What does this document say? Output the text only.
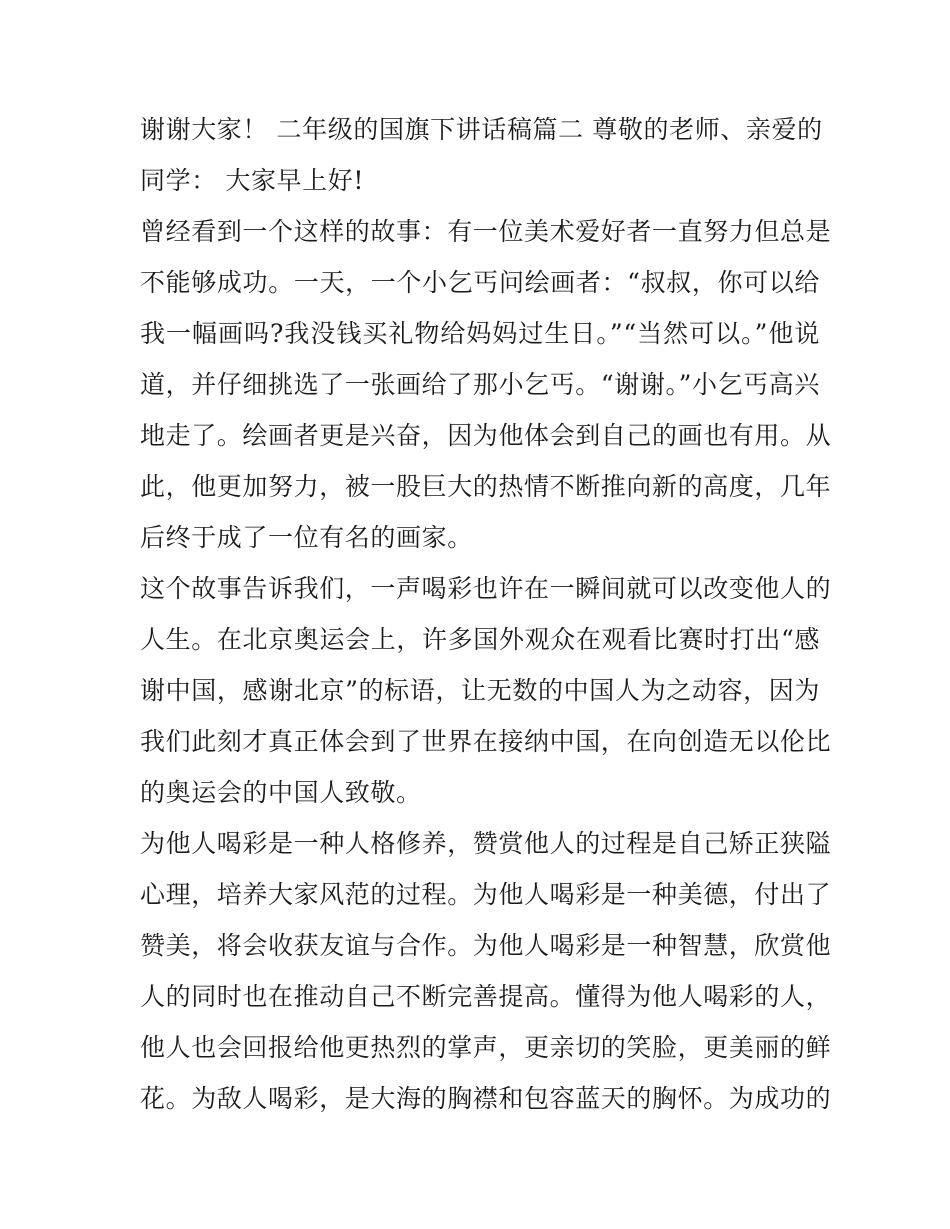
谢谢大家！ 二年级的国旗下讲话稿篇二 尊敬的老师、亲爱的
同学： 大家早上好!
曾经看到一个这样的故事：有一位美术爱好者一直努力但总是
不能够成功。一天，一个小乞丐问绘画者：“叔叔，你可以给
我一幅画吗?我没钱买礼物给妈妈过生日。”“当然可以。”他说
道，并仔细挑选了一张画给了那小乞丐。“谢谢。”小乞丐高兴
地走了。绘画者更是兴奋，因为他体会到自己的画也有用。从
此，他更加努力，被一股巨大的热情不断推向新的高度，几年
后终于成了一位有名的画家。
这个故事告诉我们，一声喝彩也许在一瞬间就可以改变他人的
人生。在北京奥运会上，许多国外观众在观看比赛时打出“感
谢中国，感谢北京”的标语，让无数的中国人为之动容，因为
我们此刻才真正体会到了世界在接纳中国，在向创造无以伦比
的奥运会的中国人致敬。
为他人喝彩是一种人格修养，赞赏他人的过程是自己矫正狭隘
心理，培养大家风范的过程。为他人喝彩是一种美德，付出了
赞美，将会收获友谊与合作。为他人喝彩是一种智慧，欣赏他
人的同时也在推动自己不断完善提高。懂得为他人喝彩的人，
他人也会回报给他更热烈的掌声，更亲切的笑脸，更美丽的鲜
花。为敌人喝彩，是大海的胸襟和包容蓝天的胸怀。为成功的
